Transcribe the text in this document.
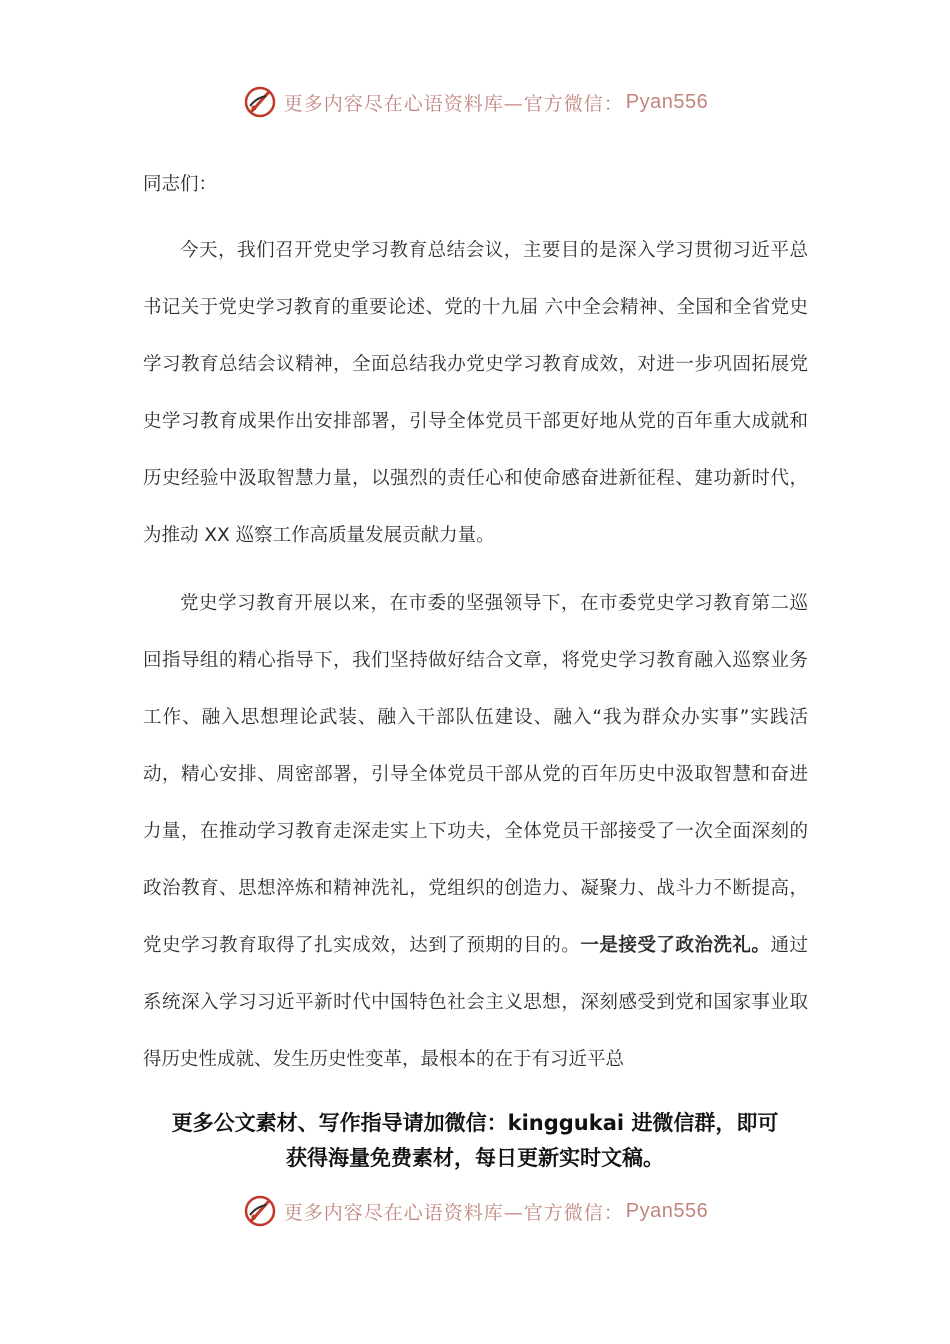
更多内容尽在心语资料库—官方微信： Pyan556
同志们：

今天，我们召开党史学习教育总结会议，主要目的是深入学习贯彻习近平总书记关于党史学习教育的重要论述、党的十九届 六中全会精神、全国和全省党史学习教育总结会议精神，全面总结我办党史学习教育成效，对进一步巩固拓展党史学习教育成果作出安排部署，引导全体党员干部更好地从党的百年重大成就和历史经验中汲取智慧力量，以强烈的责任心和使命感奋进新征程、建功新时代，为推动 XX 巡察工作高质量发展贡献力量。

党史学习教育开展以来，在市委的坚强领导下，在市委党史学习教育第二巡回指导组的精心指导下，我们坚持做好结合文章，将党史学习教育融入巡察业务工作、融入思想理论武装、融入干部队伍建设、融入“我为群众办实事”实践活动，精心安排、周密部署，引导全体党员干部从党的百年历史中汲取智慧和奋进力量，在推动学习教育走深走实上下功夫，全体党员干部接受了一次全面深刻的政治教育、思想淬炼和精神洗礼，党组织的创造力、凝聚力、战斗力不断提高，党史学习教育取得了扎实成效，达到了预期的目的。一是接受了政治洗礼。通过系统深入学习习近平新时代中国特色社会主义思想，深刻感受到党和国家事业取得历史性成就、发生历史性变革，最根本的在于有习近平总

更多公文素材、写作指导请加微信：kinggukai 进微信群，即可
获得海量免费素材，每日更新实时文稿。
更多内容尽在心语资料库—官方微信： Pyan556
